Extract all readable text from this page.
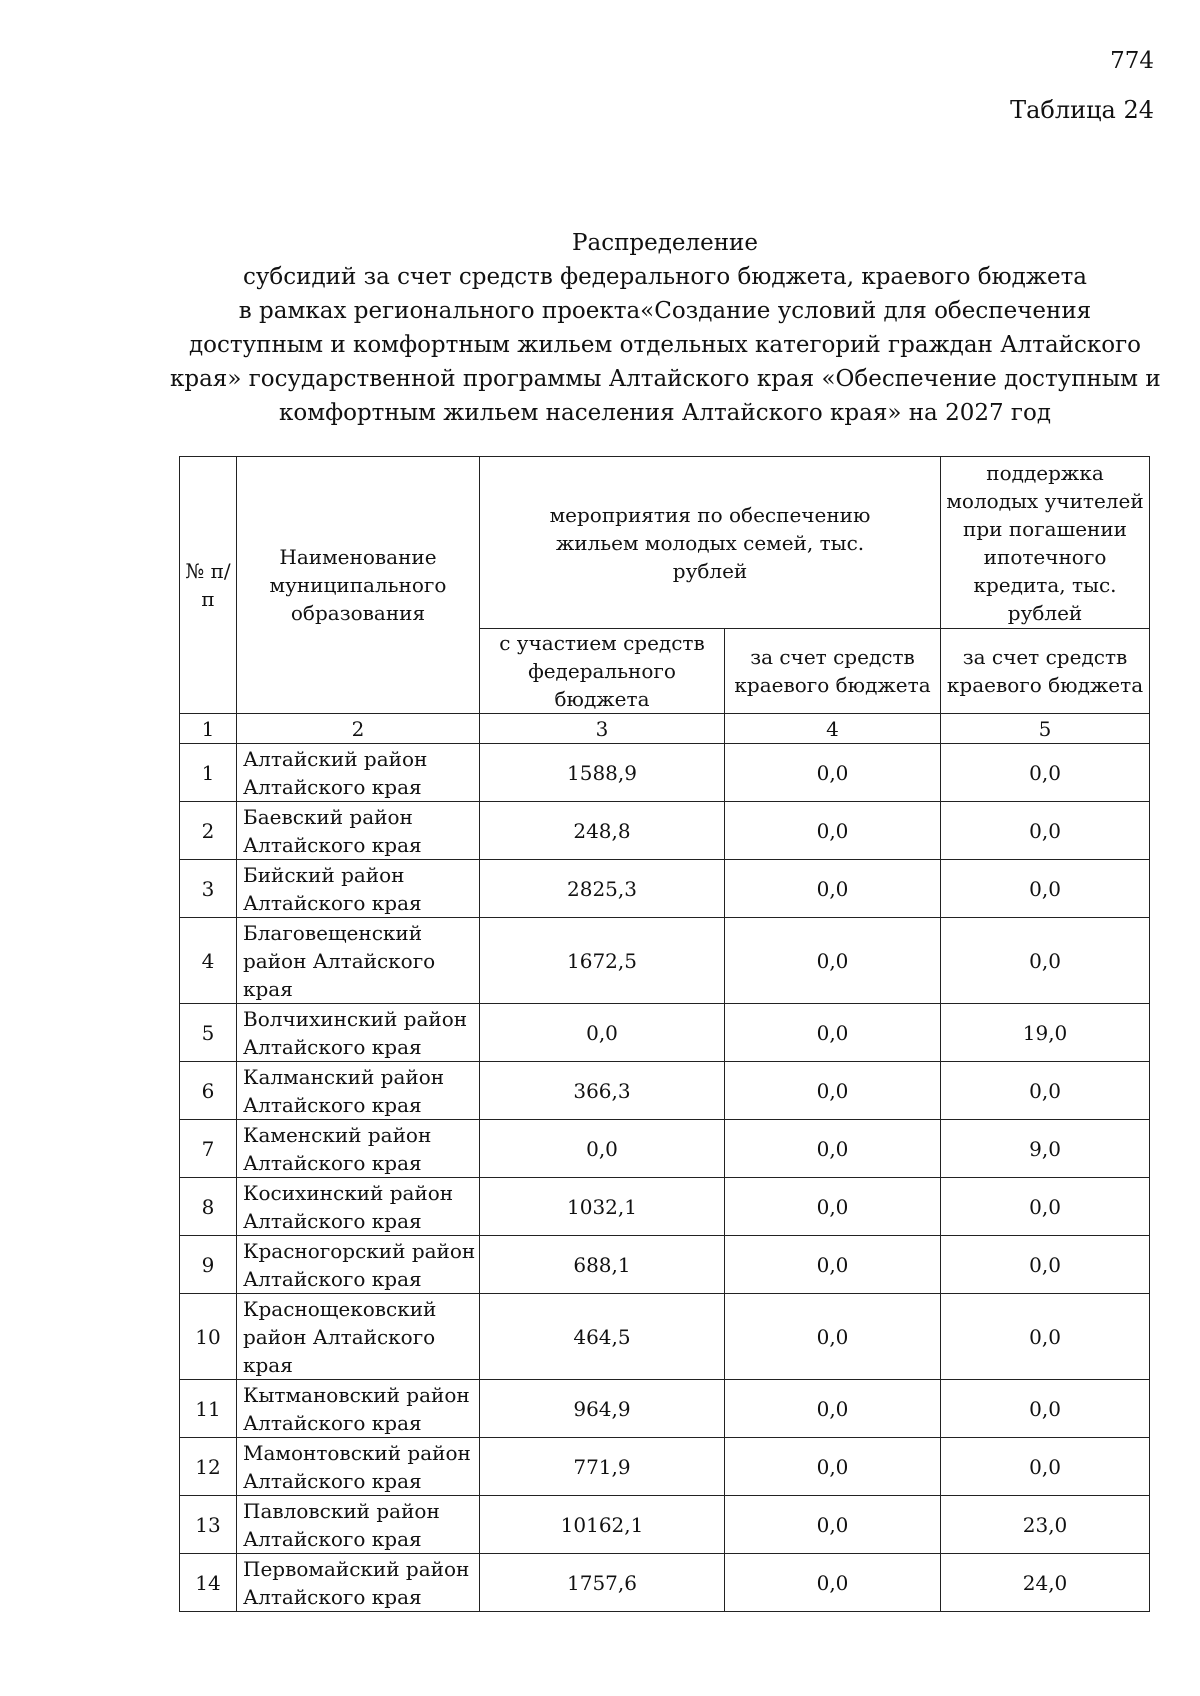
774
Таблица 24
Распределение
субсидий за счет средств федерального бюджета, краевого бюджета
в рамках регионального проекта«Создание условий для обеспечения
доступным и комфортным жильем отдельных категорий граждан Алтайского
края» государственной программы Алтайского края «Обеспечение доступным и
комфортным жильем населения Алтайского края» на 2027 год
№ п/п	Наименование муниципального образования	мероприятия по обеспечению жильем молодых семей, тыс. рублей		поддержка молодых учителей при погашении ипотечного кредита, тыс. рублей
		с участием средств федерального бюджета	за счет средств краевого бюджета	за счет средств краевого бюджета
1	2	3	4	5
1	Алтайский район Алтайского края	1588,9	0,0	0,0
2	Баевский район Алтайского края	248,8	0,0	0,0
3	Бийский район Алтайского края	2825,3	0,0	0,0
4	Благовещенский район Алтайского края	1672,5	0,0	0,0
5	Волчихинский район Алтайского края	0,0	0,0	19,0
6	Калманский район Алтайского края	366,3	0,0	0,0
7	Каменский район Алтайского края	0,0	0,0	9,0
8	Косихинский район Алтайского края	1032,1	0,0	0,0
9	Красногорский район Алтайского края	688,1	0,0	0,0
10	Краснощековский район Алтайского края	464,5	0,0	0,0
11	Кытмановский район Алтайского края	964,9	0,0	0,0
12	Мамонтовский район Алтайского края	771,9	0,0	0,0
13	Павловский район Алтайского края	10162,1	0,0	23,0
14	Первомайский район Алтайского края	1757,6	0,0	24,0
